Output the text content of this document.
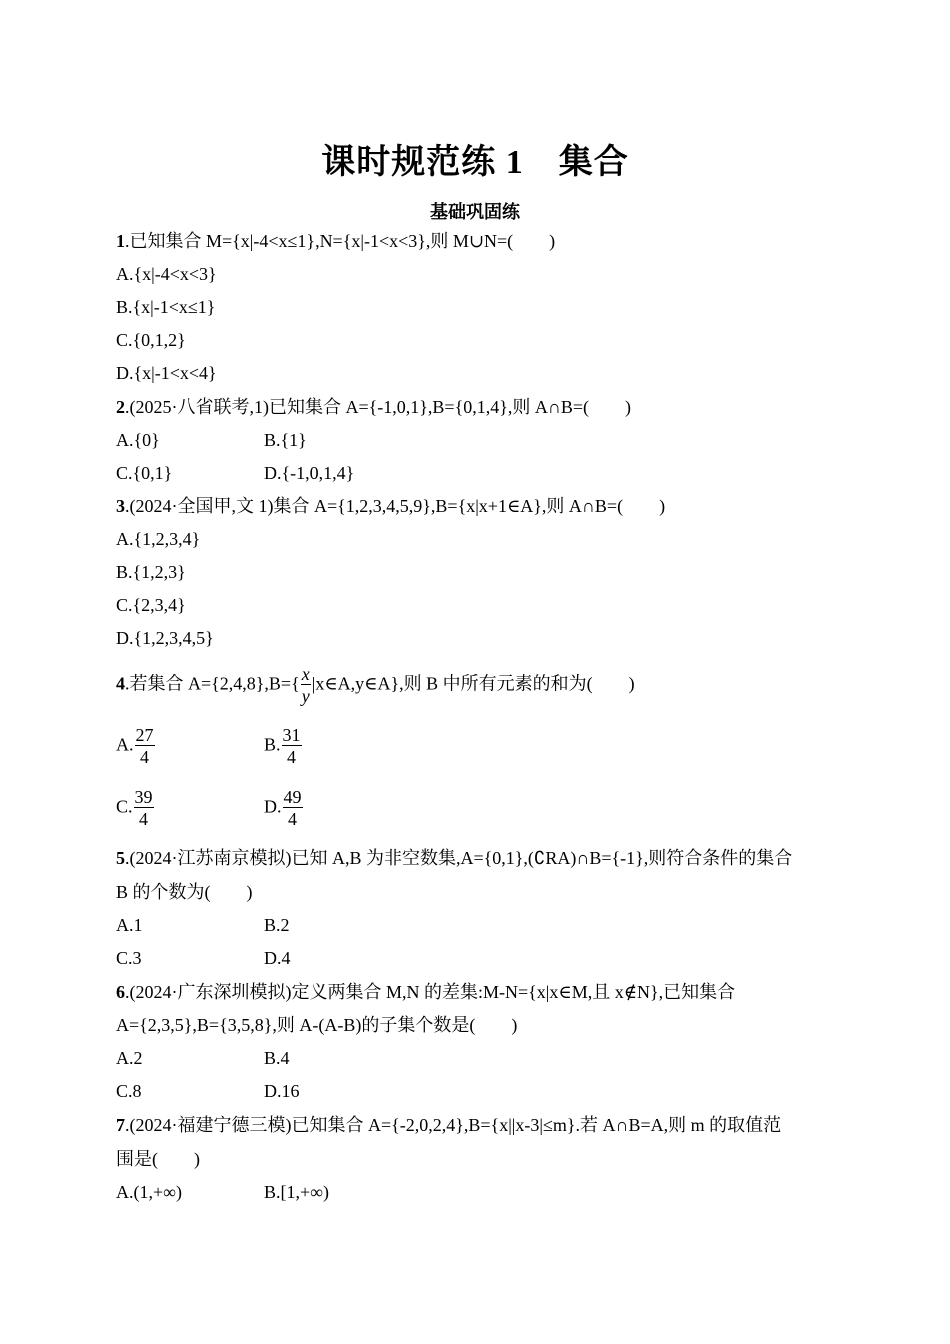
课时规范练 1　集合
基础巩固练
1.已知集合 M={x|-4<x≤1},N={x|-1<x<3},则 M∪N=(　　)
A.{x|-4<x<3}
B.{x|-1<x≤1}
C.{0,1,2}
D.{x|-1<x<4}
2.(2025·八省联考,1)已知集合 A={-1,0,1},B={0,1,4},则 A∩B=(　　)
A.{0}	B.{1}
C.{0,1}	D.{-1,0,1,4}
3.(2024·全国甲,文 1)集合 A={1,2,3,4,5,9},B={x|x+1∈A},则 A∩B=(　　)
A.{1,2,3,4}
B.{1,2,3}
C.{2,3,4}
D.{1,2,3,4,5}
4.若集合 $A=\{2,4,8\},B=\{ \frac{x}{y}$ |x∈A,y∈A},则 B 中所有元素的和为(　　)
A. $\frac{27}{4}$	B. $\frac{31}{4}$
C. $\frac{39}{4}$	D. $\frac{49}{4}$
5.(2024·江苏南京模拟)已知 A,B 为非空数集,A={0,1},(∁RA)∩B={-1},则符合条件的集合
B 的个数为(　　)
A.1	B.2
C.3	D.4
6.(2024·广东深圳模拟)定义两集合 M,N 的差集:M-N={x|x∈M,且 x∉N},已知集合
A={2,3,5},B={3,5,8},则 A-(A-B)的子集个数是(　　)
A.2	B.4
C.8	D.16
7.(2024·福建宁德三模)已知集合 A={-2,0,2,4},B={x||x-3|≤m}.若 A∩B=A,则 m 的取值范
围是(　　)
A.(1,+∞)	B.[1,+∞)
